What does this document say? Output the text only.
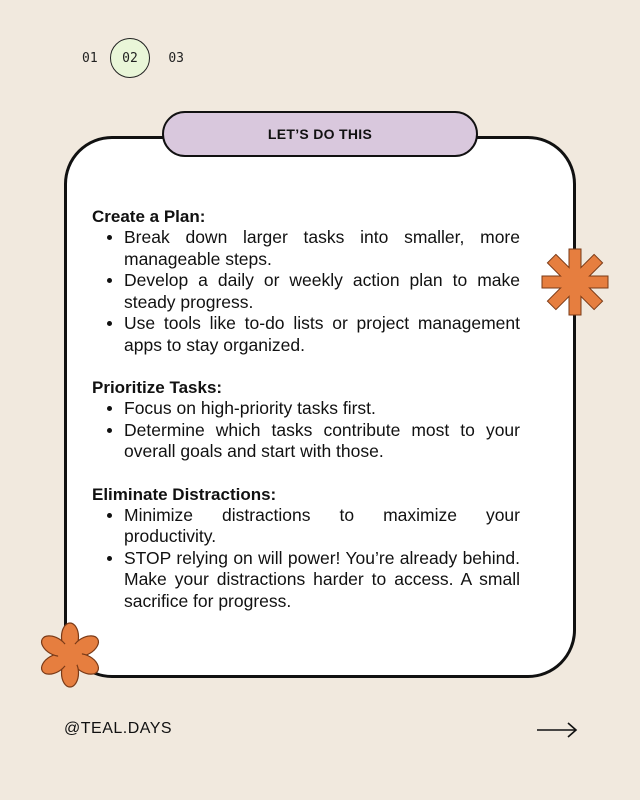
01	02	03
LET’S DO THIS
Create a Plan:
Break down larger tasks into smaller, more manageable steps.
Develop a daily or weekly action plan to make steady progress.
Use tools like to-do lists or project management apps to stay organized.
Prioritize Tasks:
Focus on high-priority tasks first.
Determine which tasks contribute most to your overall goals and start with those.
Eliminate Distractions:
Minimize distractions to maximize your productivity.
STOP relying on will power! You’re already behind. Make your distractions harder to access. A small sacrifice for progress.
@TEAL.DAYS
